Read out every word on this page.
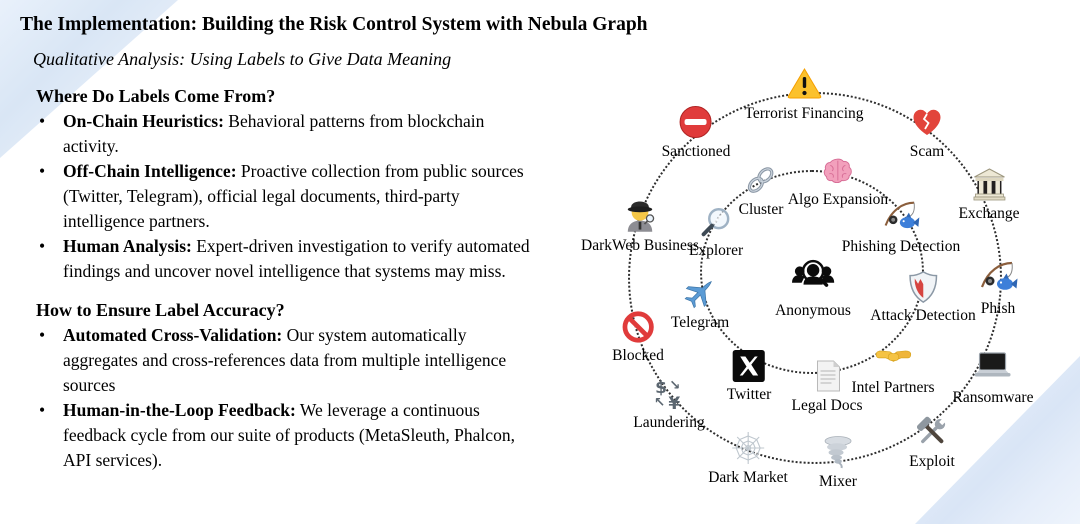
The Implementation: Building the Risk Control System with Nebula Graph
Qualitative Analysis: Using Labels to Give Data Meaning
Where Do Labels Come From?
• On-Chain Heuristics: Behavioral patterns from blockchain activity.
• Off-Chain Intelligence: Proactive collection from public sources (Twitter, Telegram), official legal documents, third-party intelligence partners.
• Human Analysis: Expert-driven investigation to verify automated findings and uncover novel intelligence that systems may miss.
How to Ensure Label Accuracy?
• Automated Cross-Validation: Our system automatically aggregates and cross-references data from multiple intelligence sources
• Human-in-the-Loop Feedback: We leverage a continuous feedback cycle from our suite of products (MetaSleuth, Phalcon, API services).
Terrorist Financing
Sanctioned	Scam
Exchange
DarkWeb Business
Blocked
$
¥
↘
↖
Laundering
Dark Market Mixer
Exploit
Ransomware
Phish
Explorer
Cluster
Algo Expansion
Phishing Detection
Attack Detection
Intel Partners
Legal Docs
Twitter
Telegram
Anonymous
